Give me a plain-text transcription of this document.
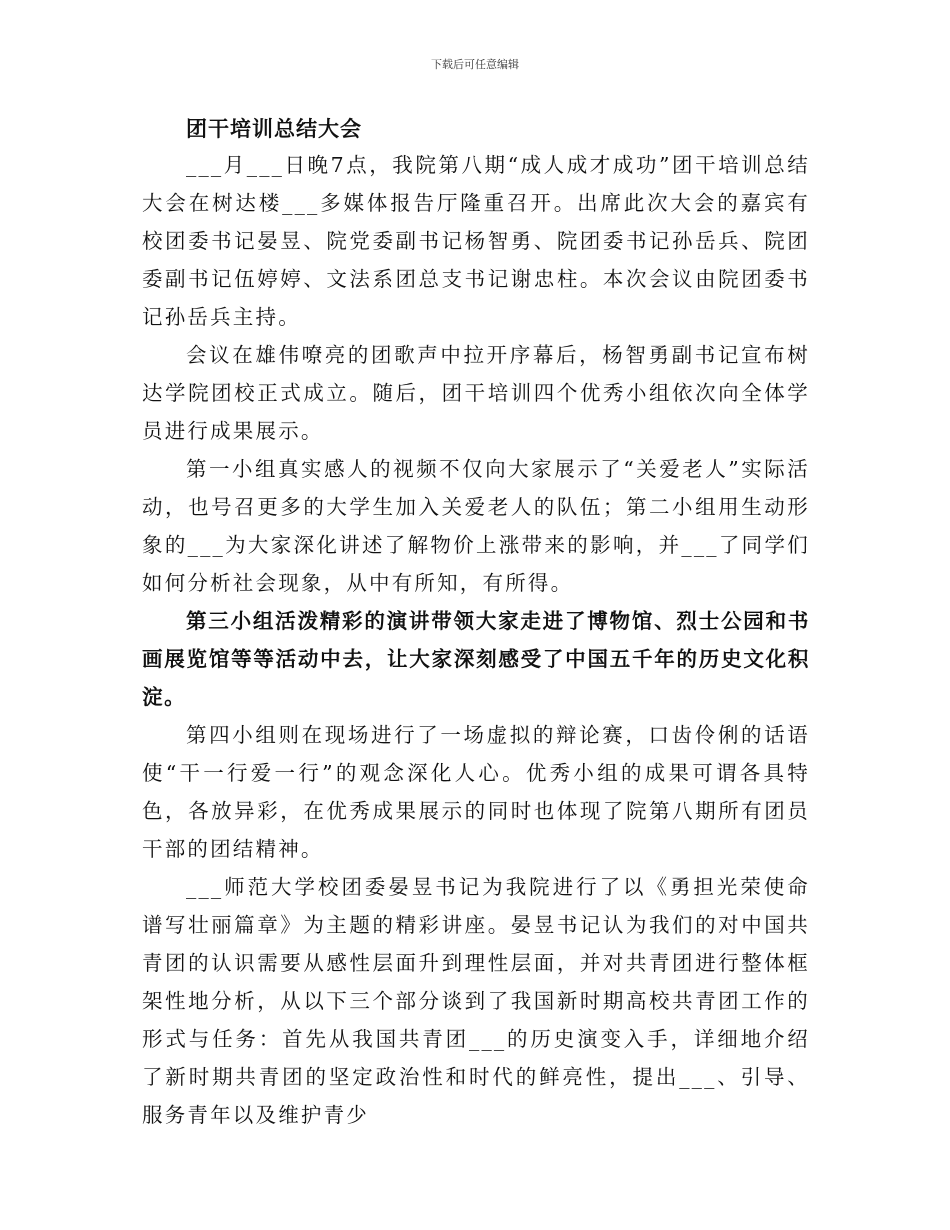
下载后可任意编辑

团干培训总结大会

___月___日晚7点，我院第八期“成人成才成功”团干培训总结大会在树达楼___多媒体报告厅隆重召开。出席此次大会的嘉宾有校团委书记晏昱、院党委副书记杨智勇、院团委书记孙岳兵、院团委副书记伍婷婷、文法系团总支书记谢忠柱。本次会议由院团委书记孙岳兵主持。

会议在雄伟嘹亮的团歌声中拉开序幕后，杨智勇副书记宣布树达学院团校正式成立。随后，团干培训四个优秀小组依次向全体学员进行成果展示。

第一小组真实感人的视频不仅向大家展示了“关爱老人”实际活动，也号召更多的大学生加入关爱老人的队伍；第二小组用生动形象的___为大家深化讲述了解物价上涨带来的影响，并___了同学们如何分析社会现象，从中有所知，有所得。

第三小组活泼精彩的演讲带领大家走进了博物馆、烈士公园和书画展览馆等等活动中去，让大家深刻感受了中国五千年的历史文化积淀。

第四小组则在现场进行了一场虚拟的辩论赛，口齿伶俐的话语使“干一行爱一行”的观念深化人心。优秀小组的成果可谓各具特色，各放异彩，在优秀成果展示的同时也体现了院第八期所有团员干部的团结精神。

___师范大学校团委晏昱书记为我院进行了以《勇担光荣使命谱写壮丽篇章》为主题的精彩讲座。晏昱书记认为我们的对中国共青团的认识需要从感性层面升到理性层面，并对共青团进行整体框架性地分析，从以下三个部分谈到了我国新时期高校共青团工作的形式与任务：首先从我国共青团___的历史演变入手，详细地介绍了新时期共青团的坚定政治性和时代的鲜亮性，提出___、引导、服务青年以及维护青少
